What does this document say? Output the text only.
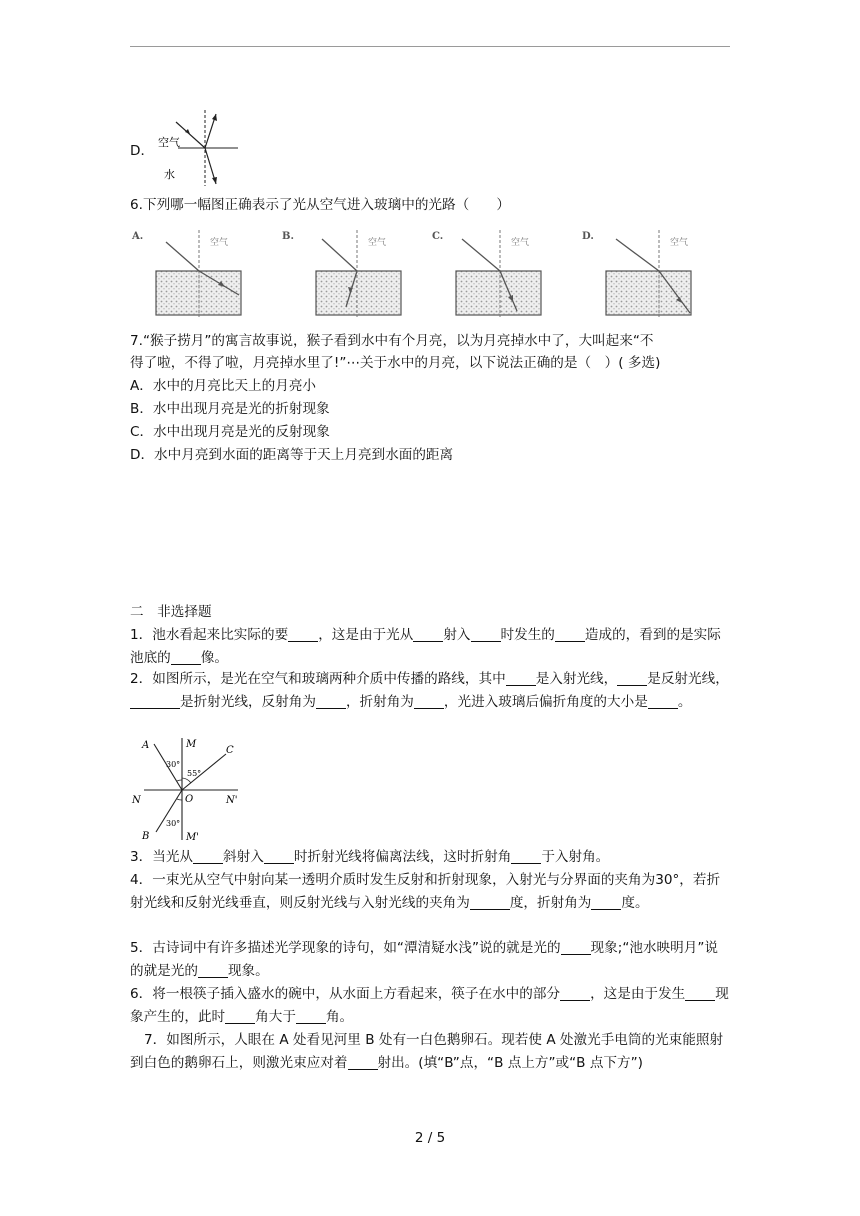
D．
空气
水
6.下列哪一幅图正确表示了光从空气进入玻璃中的光路（　　）
A.
空气
B.
空气
C.
空气
D.
空气
7.“猴子捞月”的寓言故事说，猴子看到水中有个月亮，以为月亮掉水中了，大叫起来“不
得了啦，不得了啦，月亮掉水里了!”⋯关于水中的月亮，以下说法正确的是（　）( 多选)
A．水中的月亮比天上的月亮小
B．水中出现月亮是光的折射现象
C．水中出现月亮是光的反射现象
D．水中月亮到水面的距离等于天上月亮到水面的距离
二　非选择题

1．池水看起来比实际的要 ，这是由于光从 射入 时发生的 造成的，看到的是实际池底的 像。

2．如图所示，是光在空气和玻璃两种介质中传播的路线，其中 是入射光线， 是反射光线，是折射光线，反射角为 ，折射角为 ，光进入玻璃后偏折角度的大小是 。

A	M
C
N	O	N'
B	M'
30°
55°
30°

3．当光从 斜射入 时折射光线将偏离法线，这时折射角 于入射角。

4．一束光从空气中射向某一透明介质时发生反射和折射现象，入射光与分界面的夹角为30°，若折射光线和反射光线垂直，则反射光线与入射光线的夹角为	度，折射角为 度。

5．古诗词中有许多描述光学现象的诗句，如“潭清疑水浅”说的就是光的 现象;“池水映明月”说的就是光的 现象。

6．将一根筷子插入盛水的碗中，从水面上方看起来，筷子在水中的部分 ，这是由于发生 现象产生的，此时 角大于 角。

7．如图所示，人眼在 A 处看见河里 B 处有一白色鹅卵石。现若使 A 处激光手电筒的光束能照射到白色的鹅卵石上，则激光束应对着 射出。(填“B”点，“B 点上方”或“B 点下方”)

2 / 5
